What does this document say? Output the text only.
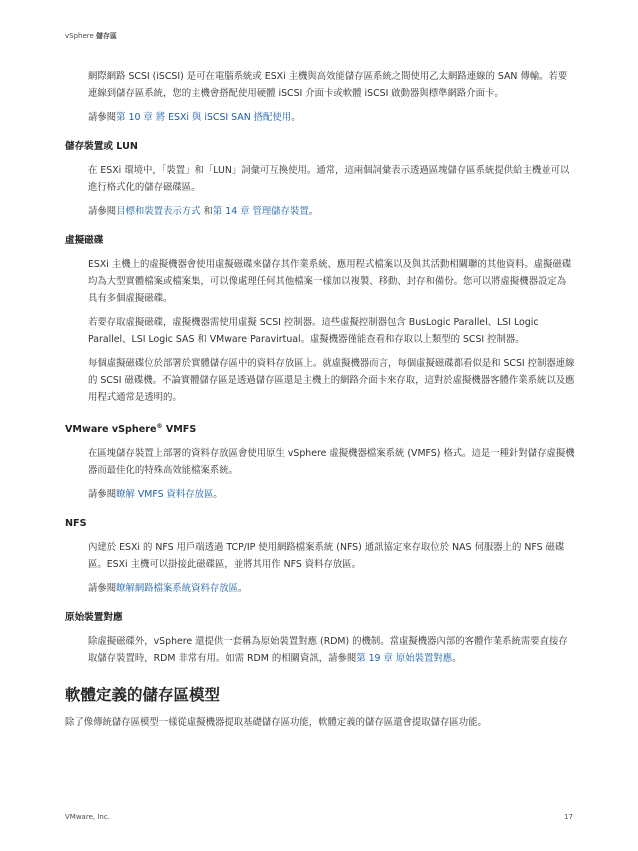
vSphere 儲存區

網際網路 SCSI (iSCSI) 是可在電腦系統或 ESXi 主機與高效能儲存區系統之間使用乙太網路連線的 SAN 傳輸。若要連線到儲存區系統，您的主機會搭配使用硬體 iSCSI 介面卡或軟體 iSCSI 啟動器與標準網路介面卡。

請參閱第 10 章 將 ESXi 與 iSCSI SAN 搭配使用。

儲存裝置或 LUN

在 ESXi 環境中，「裝置」和「LUN」詞彙可互換使用。通常，這兩個詞彙表示透過區塊儲存區系統提供給主機並可以進行格式化的儲存磁碟區。

請參閱目標和裝置表示方式 和第 14 章 管理儲存裝置。

虛擬磁碟

ESXi 主機上的虛擬機器會使用虛擬磁碟來儲存其作業系統、應用程式檔案以及與其活動相關聯的其他資料。虛擬磁碟均為大型實體檔案或檔案集，可以像處理任何其他檔案一樣加以複製、移動、封存和備份。您可以將虛擬機器設定為具有多個虛擬磁碟。

若要存取虛擬磁碟，虛擬機器需使用虛擬 SCSI 控制器。這些虛擬控制器包含 BusLogic Parallel、LSI Logic Parallel、LSI Logic SAS 和 VMware Paravirtual。虛擬機器僅能查看和存取以上類型的 SCSI 控制器。

每個虛擬磁碟位於部署於實體儲存區中的資料存放區上。就虛擬機器而言，每個虛擬磁碟都看似是和 SCSI 控制器連線的 SCSI 磁碟機。不論實體儲存區是透過儲存區還是主機上的網路介面卡來存取，這對於虛擬機器客體作業系統以及應用程式通常是透明的。

VMware vSphere® VMFS

在區塊儲存裝置上部署的資料存放區會使用原生 vSphere 虛擬機器檔案系統 (VMFS) 格式。這是一種針對儲存虛擬機器而最佳化的特殊高效能檔案系統。

請參閱瞭解 VMFS 資料存放區。

NFS

內建於 ESXi 的 NFS 用戶端透過 TCP/IP 使用網路檔案系統 (NFS) 通訊協定來存取位於 NAS 伺服器上的 NFS 磁碟區。ESXi 主機可以掛接此磁碟區，並將其用作 NFS 資料存放區。

請參閱瞭解網路檔案系統資料存放區。

原始裝置對應

除虛擬磁碟外，vSphere 還提供一套稱為原始裝置對應 (RDM) 的機制。當虛擬機器內部的客體作業系統需要直接存取儲存裝置時，RDM 非常有用。如需 RDM 的相關資訊，請參閱第 19 章 原始裝置對應。

軟體定義的儲存區模型

除了像傳統儲存區模型一樣從虛擬機器提取基礎儲存區功能，軟體定義的儲存區還會提取儲存區功能。

VMware, Inc.	17
